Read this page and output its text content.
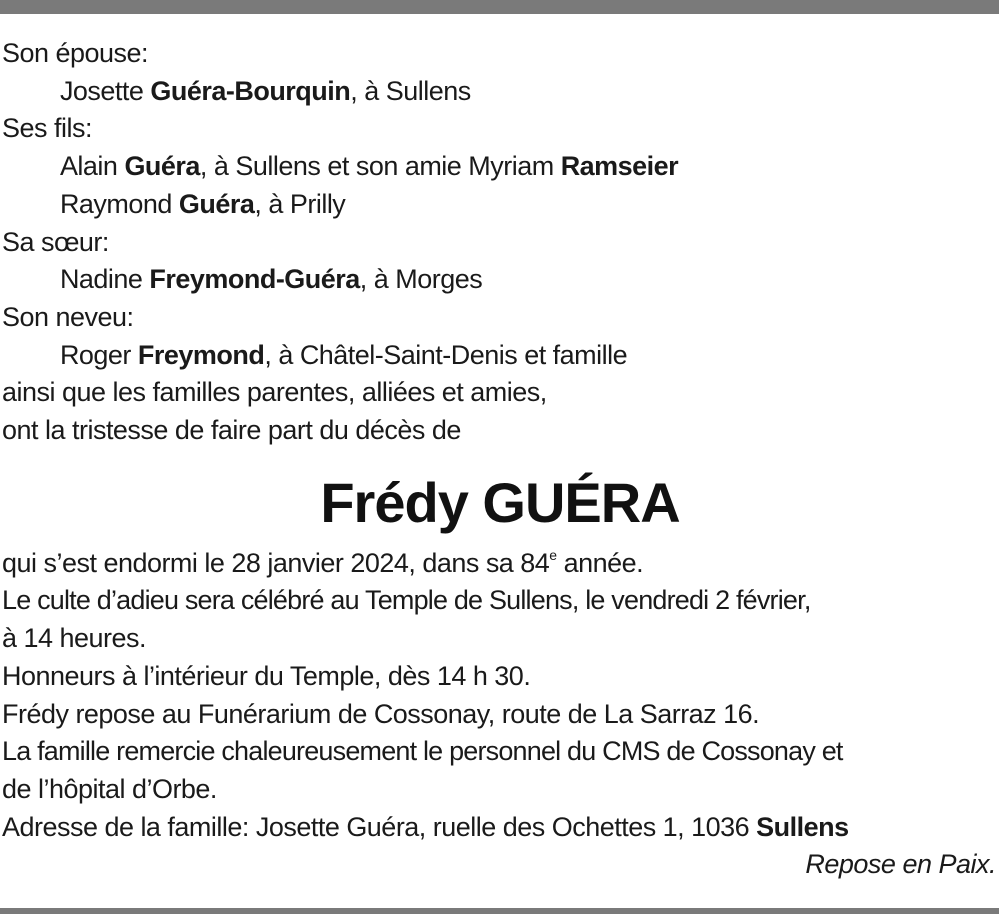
Son épouse:
Josette Guéra-Bourquin, à Sullens
Ses fils:
Alain Guéra, à Sullens et son amie Myriam Ramseier
Raymond Guéra, à Prilly
Sa sœur:
Nadine Freymond-Guéra, à Morges
Son neveu:
Roger Freymond, à Châtel-Saint-Denis et famille
ainsi que les familles parentes, alliées et amies,
ont la tristesse de faire part du décès de
Frédy GUÉRA
qui s’est endormi le 28 janvier 2024, dans sa 84e année.
Le culte d’adieu sera célébré au Temple de Sullens, le vendredi 2 février,
à 14 heures.
Honneurs à l’intérieur du Temple, dès 14 h 30.
Frédy repose au Funérarium de Cossonay, route de La Sarraz 16.
La famille remercie chaleureusement le personnel du CMS de Cossonay et
de l’hôpital d’Orbe.
Adresse de la famille: Josette Guéra, ruelle des Ochettes 1, 1036 Sullens
Repose en Paix.
